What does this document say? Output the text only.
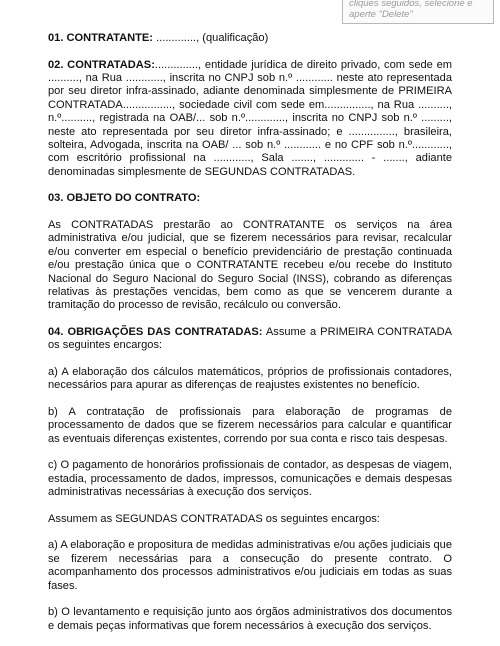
cliques seguidos, selecione e aperte "Delete"

01. CONTRATANTE: ............., (qualificação)

02. CONTRATADAS:.............., entidade jurídica de direito privado, com sede em .........., na Rua ............, inscrita no CNPJ sob n.º ............ neste ato representada por seu diretor infra-assinado, adiante denominada simplesmente de PRIMEIRA CONTRATADA................, sociedade civil com sede em..............., na Rua .........., n.º.........., registrada na OAB/... sob n.º............., inscrita no CNPJ sob n.º ........., neste ato representada por seu diretor infra-assinado; e ..............., brasileira, solteira, Advogada, inscrita na OAB/ ... sob n.º ............ e no CPF sob n.º............, com escritório profissional na ............, Sala ......., ............. - ......., adiante denominadas simplesmente de SEGUNDAS CONTRATADAS.

03. OBJETO DO CONTRATO:

As CONTRATADAS prestarão ao CONTRATANTE os serviços na área administrativa e/ou judicial, que se fizerem necessários para revisar, recalcular e/ou converter em especial o benefício previdenciário de prestação continuada e/ou prestação única que o CONTRATANTE recebeu e/ou recebe do Instituto Nacional do Seguro Nacional do Seguro Social (INSS), cobrando as diferenças relativas às prestações vencidas, bem como as que se vencerem durante a tramitação do processo de revisão, recálculo ou conversão.

04. OBRIGAÇÕES DAS CONTRATADAS: Assume a PRIMEIRA CONTRATADA os seguintes encargos:

a) A elaboração dos cálculos matemáticos, próprios de profissionais contadores, necessários para apurar as diferenças de reajustes existentes no benefício.

b) A contratação de profissionais para elaboração de programas de processamento de dados que se fizerem necessários para calcular e quantificar as eventuais diferenças existentes, correndo por sua conta e risco tais despesas.

c) O pagamento de honorários profissionais de contador, as despesas de viagem, estadia, processamento de dados, impressos, comunicações e demais despesas administrativas necessárias à execução dos serviços.

Assumem as SEGUNDAS CONTRATADAS os seguintes encargos:

a) A elaboração e propositura de medidas administrativas e/ou ações judiciais que se fizerem necessárias para a consecução do presente contrato. O acompanhamento dos processos administrativos e/ou judiciais em todas as suas fases.

b) O levantamento e requisição junto aos órgãos administrativos dos documentos e demais peças informativas que forem necessários à execução dos serviços.
